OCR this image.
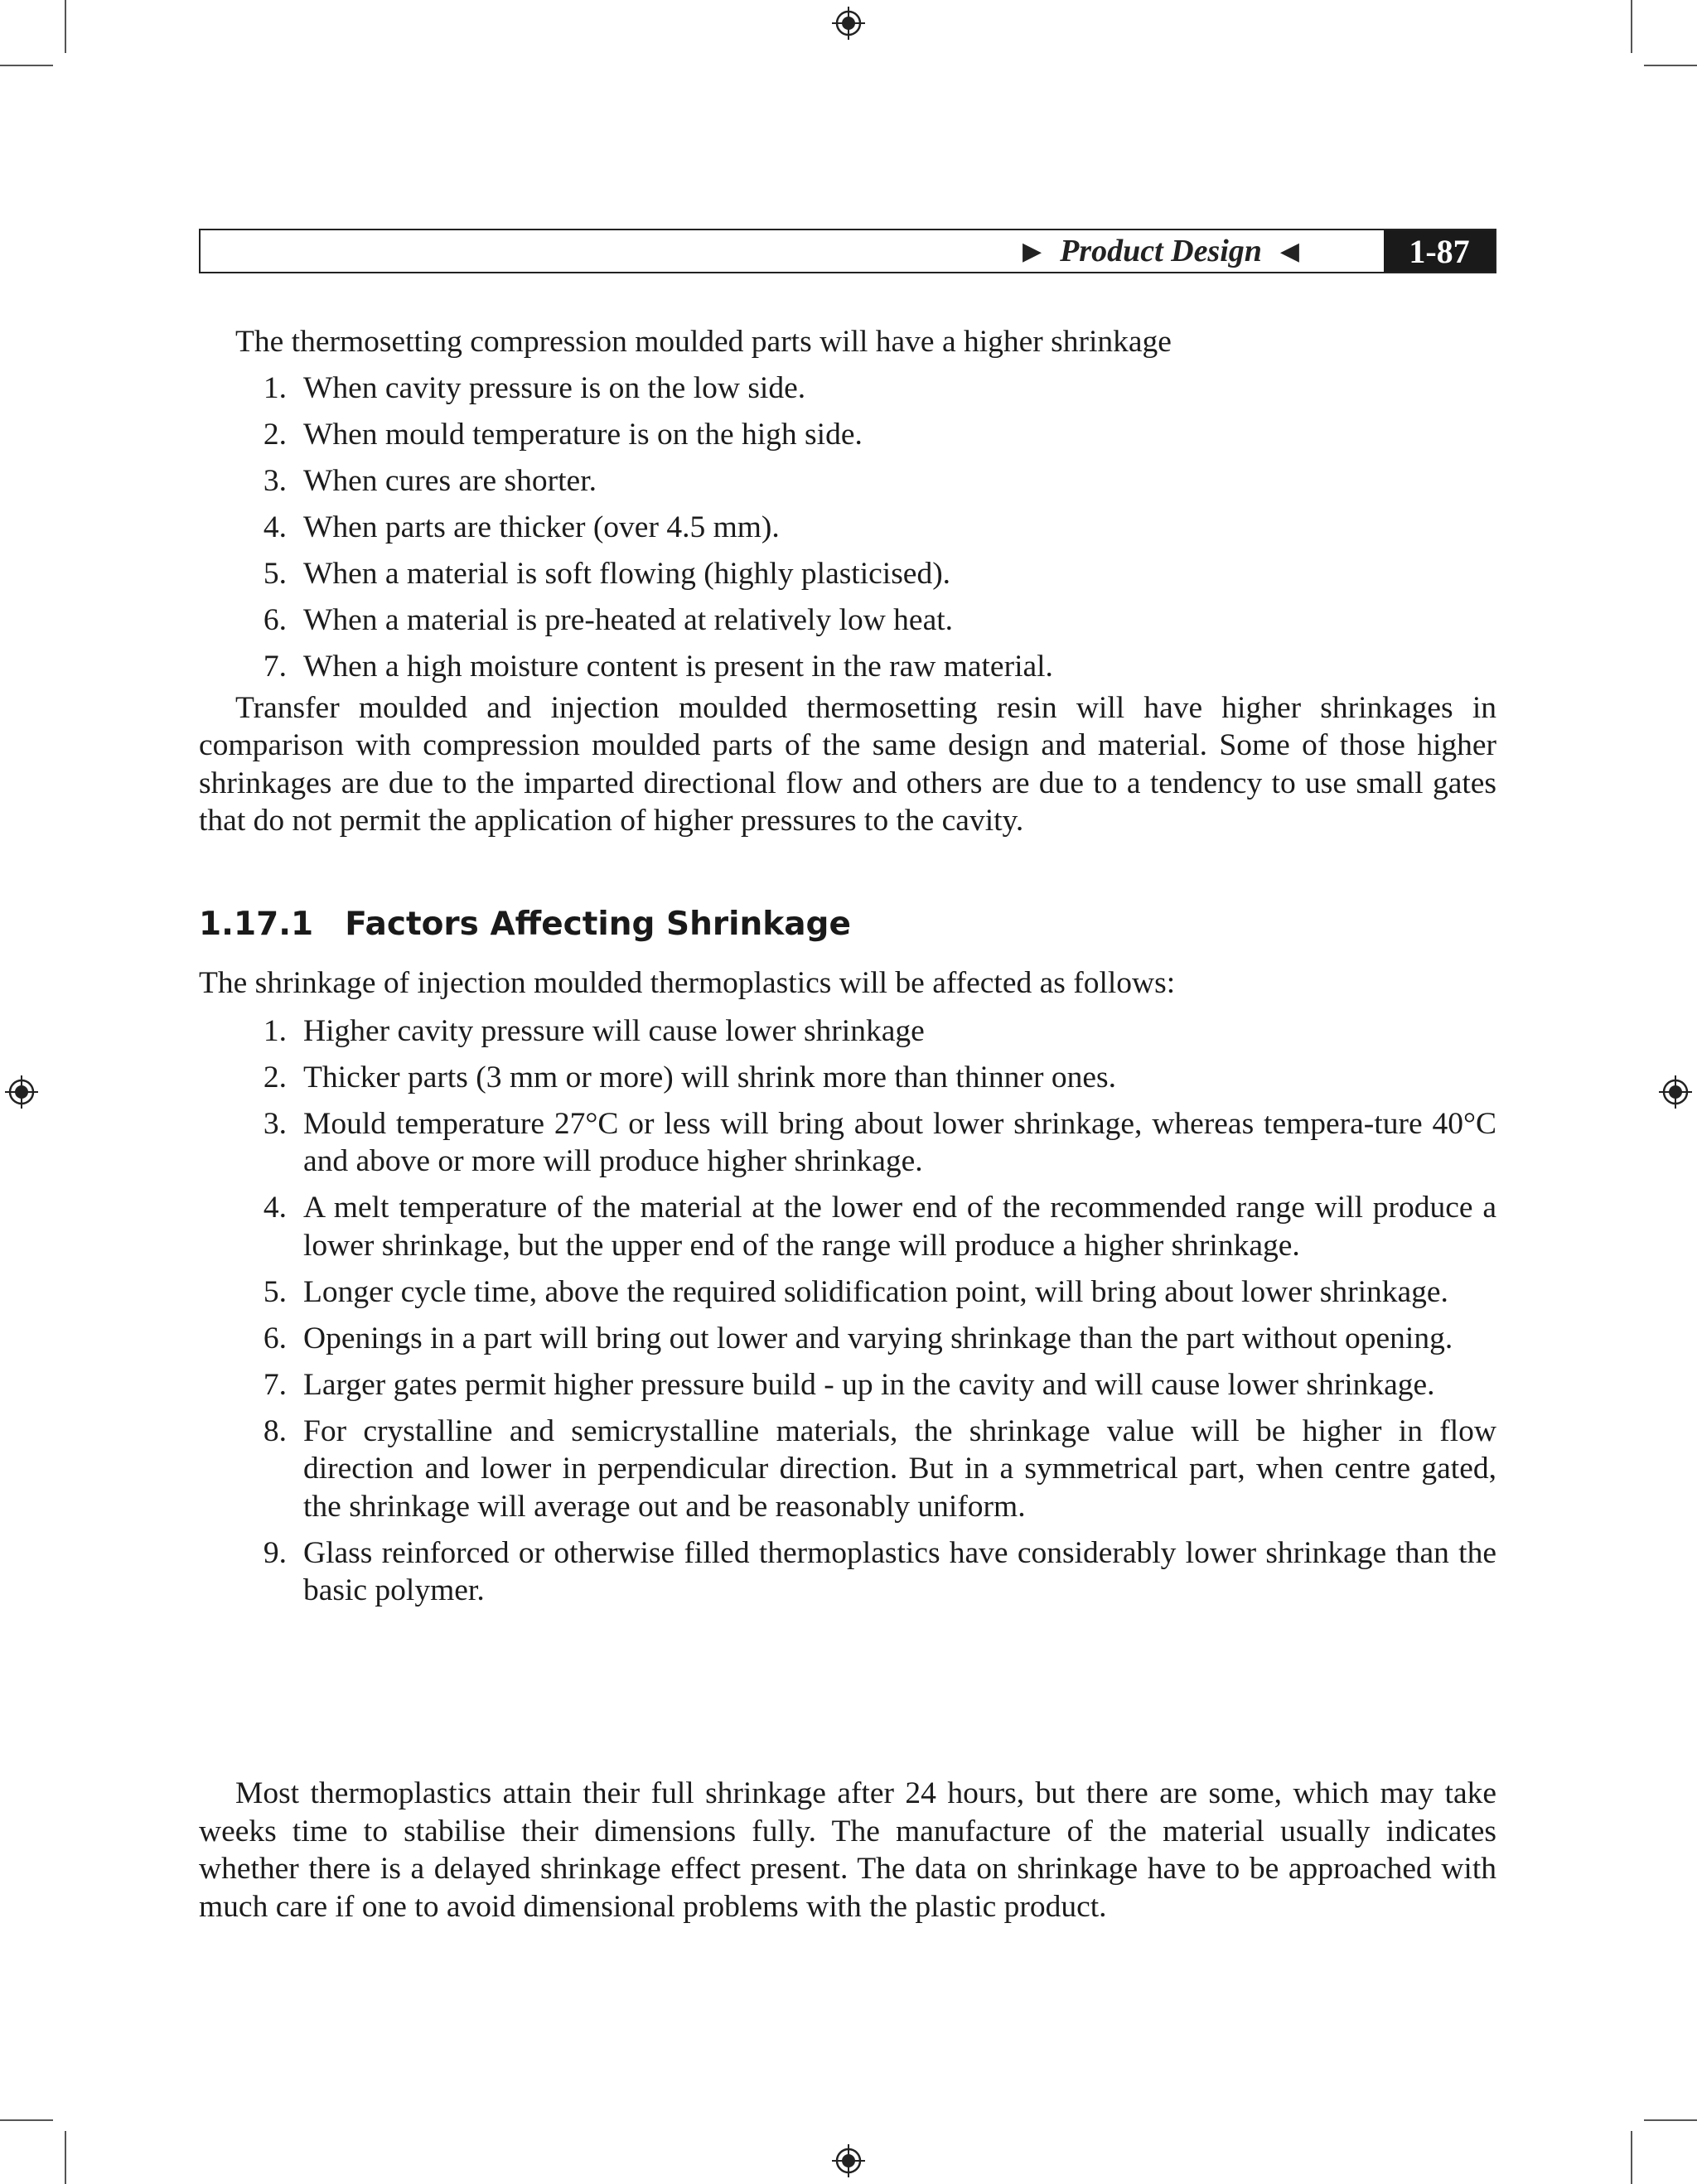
▶ Product Design ◀	1-87

The thermosetting compression moulded parts will have a higher shrinkage

1. When cavity pressure is on the low side.
2. When mould temperature is on the high side.
3. When cures are shorter.
4. When parts are thicker (over 4.5 mm).
5. When a material is soft flowing (highly plasticised).
6. When a material is pre-heated at relatively low heat.
7. When a high moisture content is present in the raw material.

Transfer moulded and injection moulded thermosetting resin will have higher shrinkages in comparison with compression moulded parts of the same design and material. Some of those higher shrinkages are due to the imparted directional flow and others are due to a tendency to use small gates that do not permit the application of higher pressures to the cavity.

1.17.1 Factors Affecting Shrinkage

The shrinkage of injection moulded thermoplastics will be affected as follows:

1. Higher cavity pressure will cause lower shrinkage
2. Thicker parts (3 mm or more) will shrink more than thinner ones.
3. Mould temperature 27°C or less will bring about lower shrinkage, whereas tempera-ture 40°C and above or more will produce higher shrinkage.
4. A melt temperature of the material at the lower end of the recommended range will produce a lower shrinkage, but the upper end of the range will produce a higher shrinkage.
5. Longer cycle time, above the required solidification point, will bring about lower shrinkage.
6. Openings in a part will bring out lower and varying shrinkage than the part without opening.
7. Larger gates permit higher pressure build - up in the cavity and will cause lower shrinkage.
8. For crystalline and semicrystalline materials, the shrinkage value will be higher in flow direction and lower in perpendicular direction. But in a symmetrical part, when centre gated, the shrinkage will average out and be reasonably uniform.
9. Glass reinforced or otherwise filled thermoplastics have considerably lower shrinkage than the basic polymer.

Most thermoplastics attain their full shrinkage after 24 hours, but there are some, which may take weeks time to stabilise their dimensions fully. The manufacture of the material usually indicates whether there is a delayed shrinkage effect present. The data on shrinkage have to be approached with much care if one to avoid dimensional problems with the plastic product.
